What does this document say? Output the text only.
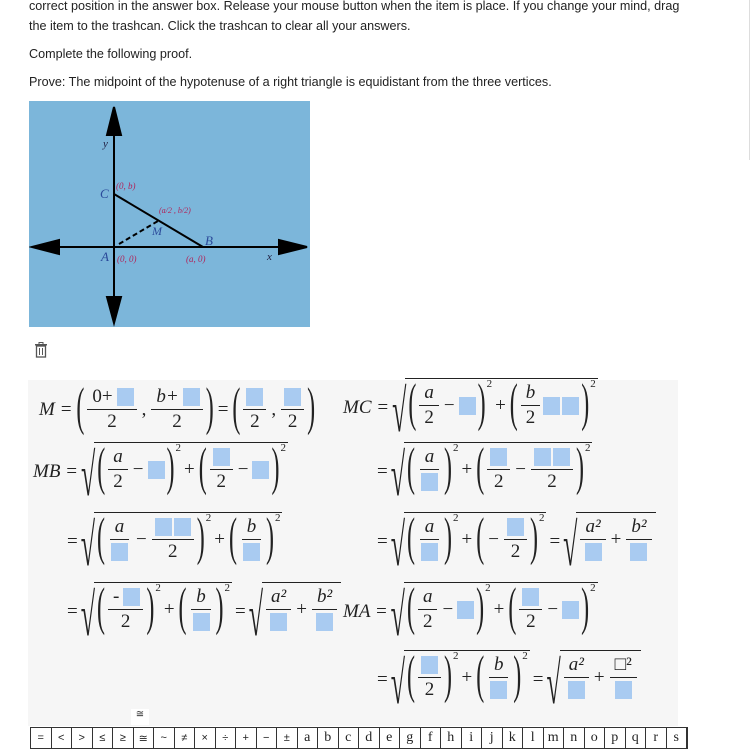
correct position in the answer box. Release your mouse button when the item is place. If you change your mind, drag
the item to the trashcan. Click the trashcan to clear all your answers.
Complete the following proof.
Prove: The midpoint of the hypotenuse of a right triangle is equidistant from the three vertices.
y
x
C (0, b)
A (0, 0)
B
(a, 0)
M
(a/2 , b/2)
M = ( $\frac{0+}{2}$ , $\frac{b+}{2}$ ) = ( 2
,
2 )
MB = √ ( $\frac{a}{2}$ − ) 2
+ ( 2
− ) 2
= √ ( a
−
2 ) 2
+ ( b ) 2
= √ ( $\frac{-}{2}$ ) 2
+ ( b ) 2
= √ a²
+
b²
MC = √ ( $\frac{a}{2}$ − ) 2
+ ( $\frac{b}{2}$ ) 2
= √ ( a ) 2
+ ( 2
−
2 ) 2
= √ ( a ) 2
+ ( −
2 ) 2
= √ a²
+
b²
MA = √ ( $\frac{a}{2}$ − ) 2
+ ( 2
− ) 2
= √ ( 2 ) 2
+ ( b ) 2
= √ a²
+
□²
≅
=	<	>	≤	≥	≅	~	≠	×	÷	+	−	±	a b c d e g	f	h	i	j	k	l m n o p q	r	s
